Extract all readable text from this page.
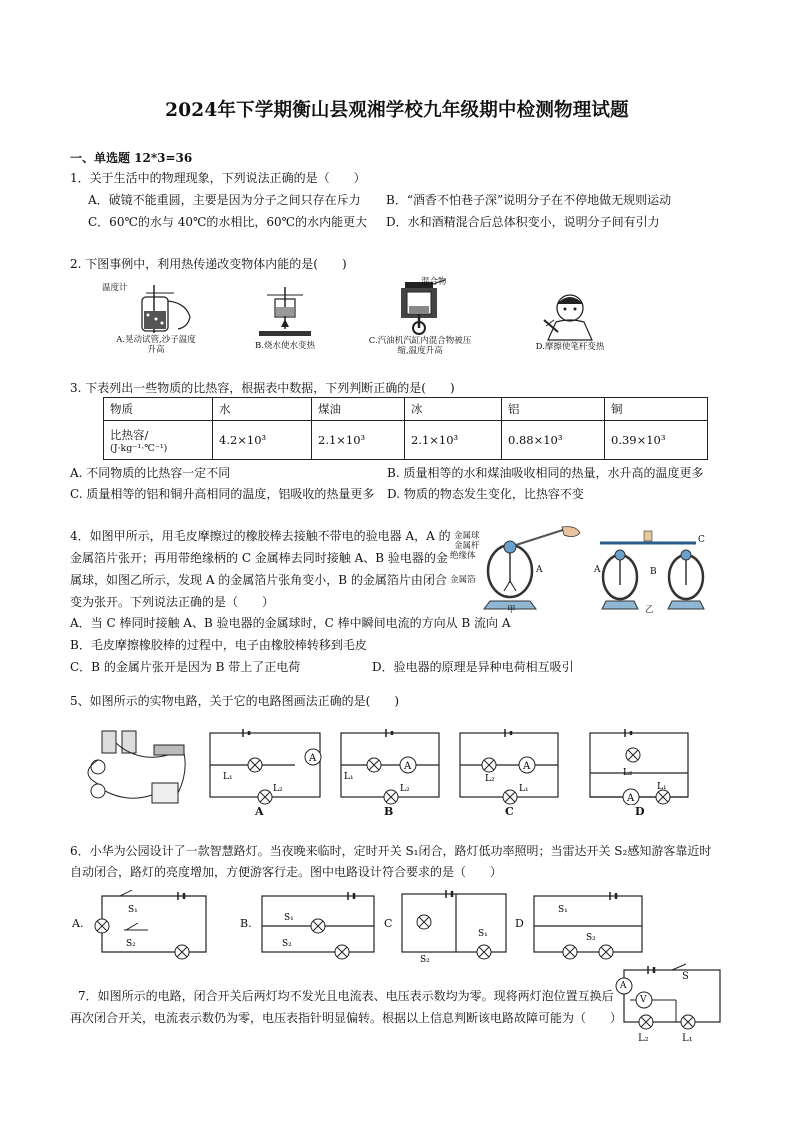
2024年下学期衡山县观湘学校九年级期中检测物理试题
一、单选题 12*3=36
1．关于生活中的物理现象，下列说法正确的是（　　）
A．破镜不能重圆，主要是因为分子之间只存在斥力 B．“酒香不怕巷子深”说明分子在不停地做无规则运动
C．60℃的水与 40℃的水相比，60℃的水内能更大 D．水和酒精混合后总体积变小，说明分子间有引力
2. 下图事例中，利用热传递改变物体内能的是(　　)
温度计
A.晃动试管,沙子温度升高	B.烧水使水变热
混合物
C.汽油机汽缸内混合物被压缩,温度升高	D.摩擦使笔杆变热
3. 下表列出一些物质的比热容，根据表中数据，下列判断正确的是(　　)
物质	水	煤油	冰	铝	铜

比热容/
(J·kg⁻¹·℃⁻¹)	4.2×10³	2.1×10³	2.1×10³	0.88×10³	0.39×10³
A. 不同物质的比热容一定不同	B. 质量相等的水和煤油吸收相同的热量，水升高的温度更多
C. 质量相等的铝和铜升高相同的温度，铝吸收的热量更多 D. 物质的物态发生变化，比热容不变
4．如图甲所示，用毛皮摩擦过的橡胶棒去接触不带电的验电器 A，A 的
金属箔片张开；再用带绝缘柄的 C 金属棒去同时接触 A、B 验电器的金
属球，如图乙所示，发现 A 的金属箔片张角变小，B 的金属箔片由闭合
变为张开。下列说法正确的是（　　）
A．当 C 棒同时接触 A、B 验电器的金属球时，C 棒中瞬间电流的方向从 B 流向 A
B．毛皮摩擦橡胶棒的过程中，电子由橡胶棒转移到毛皮
C．B 的金属片张开是因为 B 带上了正电荷	D．验电器的原理是异种电荷相互吸引
金属球
金属杆
绝缘体
金属箔
A	A	B
C
甲	乙
5、如图所示的实物电路，关于它的电路图画法正确的是(　　)
A
L₁
L₂
A
A
L₁
L₂
B
A
L₂
L₁
C
A
L₂
L₁
D
6．小华为公园设计了一款智慧路灯。当夜晚来临时，定时开关 S₁闭合，路灯低功率照明；当雷达开关 S₂感知游客靠近时
自动闭合，路灯的亮度增加，方便游客行走。图中电路设计符合要求的是（　　）
A.
S₁
S₂
B.	S₁
S₂
C
S₁
S₂
D
S₁
S₂
7．如图所示的电路，闭合开关后两灯均不发光且电流表、电压表示数均为零。现将两灯泡位置互换后
再次闭合开关，电流表示数仍为零，电压表指针明显偏转。根据以上信息判断该电路故障可能为（　　）
S
A
V
L₂	L₁
